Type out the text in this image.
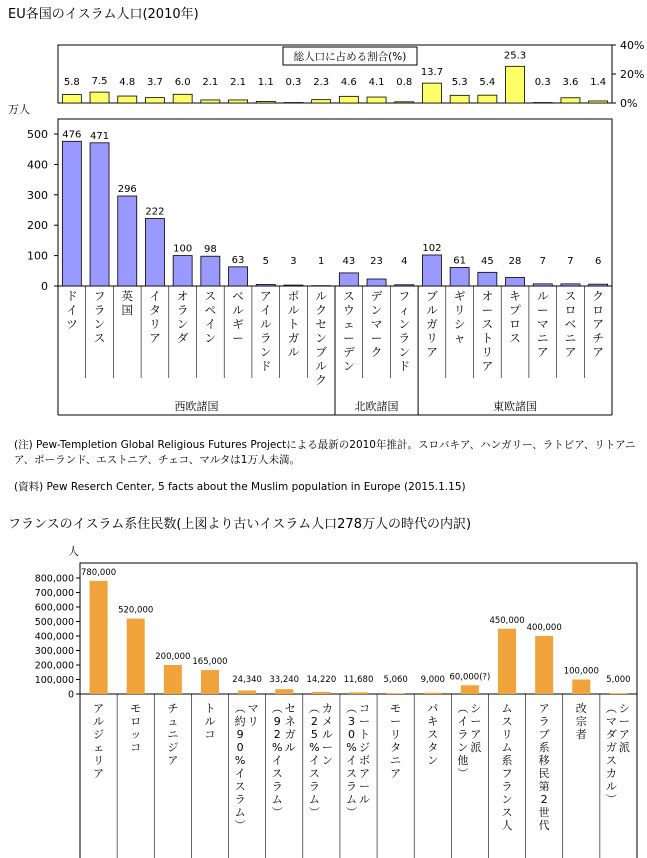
EU各国のイスラム人口(2010年)
5.8 7.5 4.8 3.7 6.0 2.1 2.1 1.1 0.3 2.3 4.6 4.1 0.8
13.7
5.3 5.4
25.3
0.3 3.6 1.4
0%
20%
40%
総人口に占める割合(%)
万人
0
100
200
300
400
500 476 471
296
222
100 98
63 5 3 1 43 23 4
102
61 45 28 7 7 6
ドイツ
フランス
英国
イタリア
オランダ
スペイン
ベルギー
アイルランド
ポルトガル
ルクセンブルク
スウェーデン
デンマーク
フィンランド
ブルガリア
ギリシャ
オーストリア
キプロス
ルーマニア
スロベニア
クロアチア
西欧諸国	北欧諸国	東欧諸国
(注) Pew-Templetion Global Religious Futures Projectによる最新の2010年推計。スロバキア、ハンガリー、ラトビア、リトアニア、ポーランド、エストニア、チェコ、マルタは1万人未満。
(資料) Pew Reserch Center, 5 facts about the Muslim population in Europe (2015.1.15)
フランスのイスラム系住民数(上図より古いイスラム人口278万人の時代の内訳)
人
0
100,000
200,000
300,000
400,000
500,000
600,000
700,000
800,000
780,000
520,000
200,000
165,000
24,340 33,240 14,220 11,680 5,060 9,000 60,000(?)
450,000
400,000
100,000
5,000
アルジェリア
モロッコ
チュニジア
トルコ
マリ
︵約 9 0 %イスラム︶
セネガル
︵ 9 2 %イスラム︶
カメルーン
︵ 2 5 %イスラム︶
コートジボアール
︵ 3 0 %イスラム︶
モーリタニア
パキスタン
シーア派
︵イラン他︶
ムスリム系フランス人
アラブ系移民第 2 世代
改宗者
シーア派
︵マダガスカル︶
